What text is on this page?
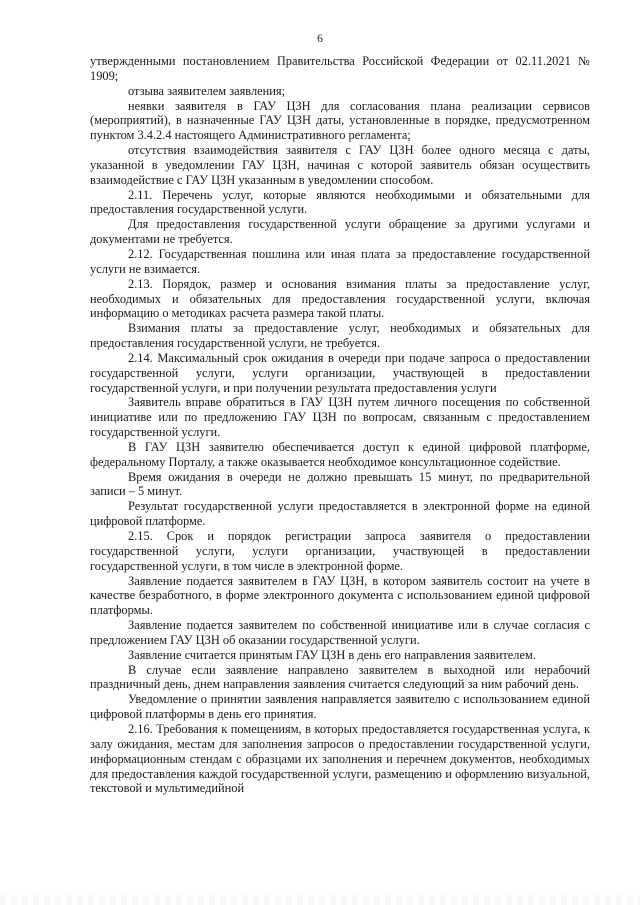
6

утвержденными постановлением Правительства Российской Федерации от 02.11.2021 № 1909;

отзыва заявителем заявления;

неявки заявителя в ГАУ ЦЗН для согласования плана реализации сервисов (мероприятий), в назначенные ГАУ ЦЗН даты, установленные в порядке, предусмотренном пунктом 3.4.2.4 настоящего Административного регламента;

отсутствия взаимодействия заявителя с ГАУ ЦЗН более одного месяца с даты, указанной в уведомлении ГАУ ЦЗН, начиная с которой заявитель обязан осуществить взаимодействие с ГАУ ЦЗН указанным в уведомлении способом.

2.11. Перечень услуг, которые являются необходимыми и обязательными для предоставления государственной услуги.

Для предоставления государственной услуги обращение за другими услугами и документами не требуется.

2.12. Государственная пошлина или иная плата за предоставление государственной услуги не взимается.

2.13. Порядок, размер и основания взимания платы за предоставление услуг, необходимых и обязательных для предоставления государственной услуги, включая информацию о методиках расчета размера такой платы.

Взимания платы за предоставление услуг, необходимых и обязательных для предоставления государственной услуги, не требуется.

2.14. Максимальный срок ожидания в очереди при подаче запроса о предоставлении государственной услуги, услуги организации, участвующей в предоставлении государственной услуги, и при получении результата предоставления услуги

Заявитель вправе обратиться в ГАУ ЦЗН путем личного посещения по собственной инициативе или по предложению ГАУ ЦЗН по вопросам, связанным с предоставлением государственной услуги.

В ГАУ ЦЗН заявителю обеспечивается доступ к единой цифровой платформе, федеральному Порталу, а также оказывается необходимое консультационное содействие.

Время ожидания в очереди не должно превышать 15 минут, по предварительной записи – 5 минут.

Результат государственной услуги предоставляется в электронной форме на единой цифровой платформе.

2.15. Срок и порядок регистрации запроса заявителя о предоставлении государственной услуги, услуги организации, участвующей в предоставлении государственной услуги, в том числе в электронной форме.

Заявление подается заявителем в ГАУ ЦЗН, в котором заявитель состоит на учете в качестве безработного, в форме электронного документа с использованием единой цифровой платформы.

Заявление подается заявителем по собственной инициативе или в случае согласия с предложением ГАУ ЦЗН об оказании государственной услуги.

Заявление считается принятым ГАУ ЦЗН в день его направления заявителем.

В случае если заявление направлено заявителем в выходной или нерабочий праздничный день, днем направления заявления считается следующий за ним рабочий день.

Уведомление о принятии заявления направляется заявителю с использованием единой цифровой платформы в день его принятия.

2.16. Требования к помещениям, в которых предоставляется государственная услуга, к залу ожидания, местам для заполнения запросов о предоставлении государственной услуги, информационным стендам с образцами их заполнения и перечнем документов, необходимых для предоставления каждой государственной услуги, размещению и оформлению визуальной, текстовой и мультимедийной
